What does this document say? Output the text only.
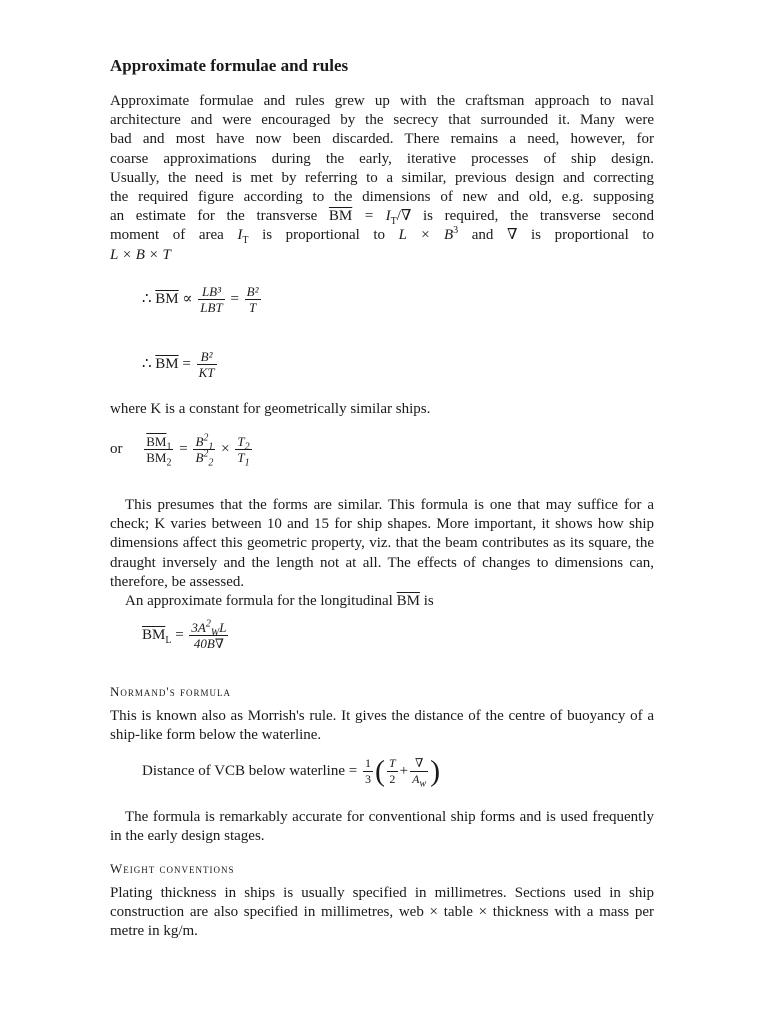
Approximate formulae and rules
Approximate formulae and rules grew up with the craftsman approach to naval
architecture and were encouraged by the secrecy that surrounded it. Many were
bad and most have now been discarded. There remains a need, however, for
coarse approximations during the early, iterative processes of ship design.
Usually, the need is met by referring to a similar, previous design and correcting
the required figure according to the dimensions of new and old, e.g. supposing
an estimate for the transverse $\overline{BM} = I_T/\nabla$ is required, the transverse second
moment of area $I_T$ is proportional to $L \times B^3$ and ∇ is proportional to
L × B × T
∴ $\overline{BM} \propto \frac{\text{LB³}}{\text{LBT}} = \frac{\text{B²}}{T}$
∴ $\overline{BM} = \frac{\text{B²}}{KT}$
where K is a constant for geometrically similar ships.
or $\frac{\overline{BM}_1}{\overline{BM}_2} = \frac{B^2_1}{B^2_2} \times \frac{T_2}{T_1}$
This presumes that the forms are similar. This formula is one that may suffice for a check; K varies between 10 and 15 for ship shapes. More important, it shows how ship dimensions affect this geometric property, viz. that the beam contributes as its square, the draught inversely and the length not at all. The effects of changes to dimensions can, therefore, be assessed.
An approximate formula for the longitudinal $\overline{BM}$ is
$\overline{BM}_L = \frac{3A^2_WL}{40B\nabla}$
Normand's formula
This is known also as Morrish's rule. It gives the distance of the centre of buoyancy of a ship-like form below the waterline.
Distance of VCB below waterline = $\frac{1}{3}$ ( $\frac{T}{2} + \frac{\nabla}{A_w}$ )
The formula is remarkably accurate for conventional ship forms and is used frequently in the early design stages.
Weight conventions
Plating thickness in ships is usually specified in millimetres. Sections used in ship construction are also specified in millimetres, web × table × thickness with a mass per metre in kg/m.
